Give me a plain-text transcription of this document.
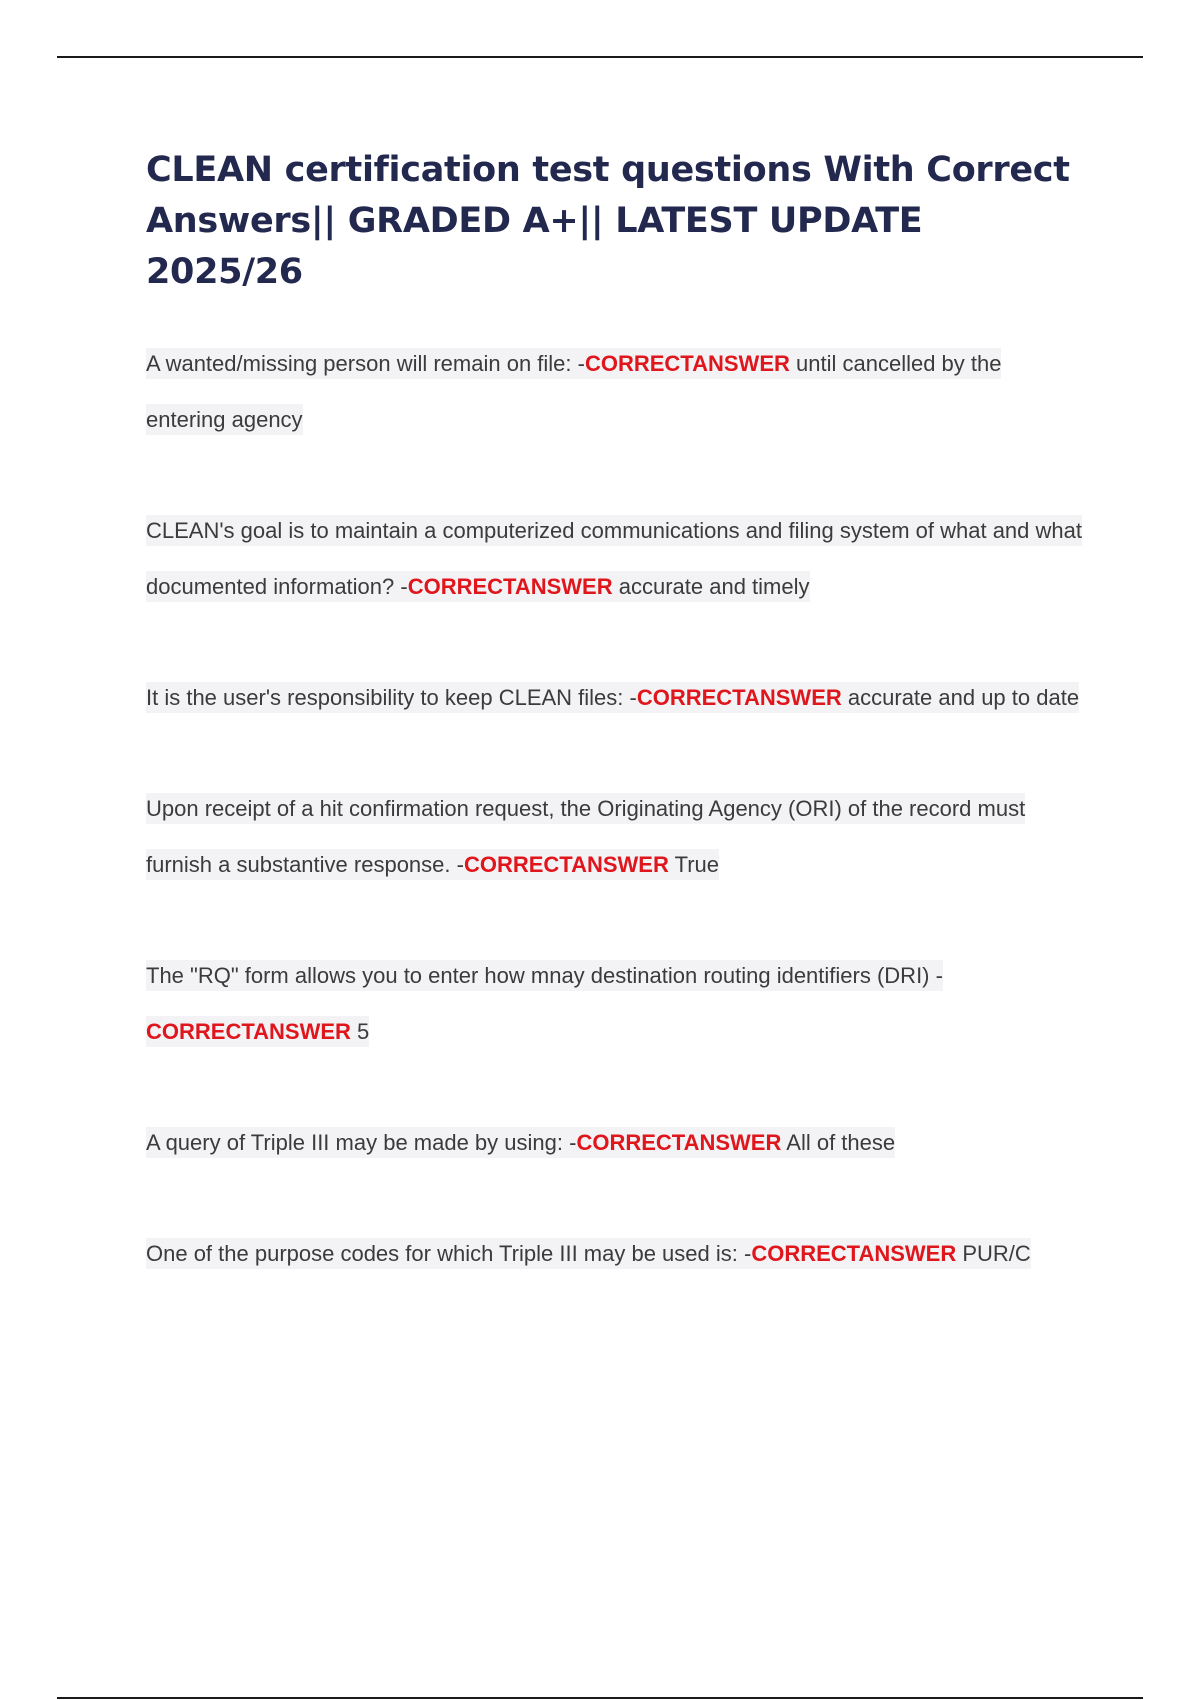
CLEAN certification test questions With Correct Answers|| GRADED A+|| LATEST UPDATE 2025/26

A wanted/missing person will remain on file: -CORRECTANSWER until cancelled by the entering agency

CLEAN's goal is to maintain a computerized communications and filing system of what and what documented information? -CORRECTANSWER accurate and timely

It is the user's responsibility to keep CLEAN files: -CORRECTANSWER accurate and up to date

Upon receipt of a hit confirmation request, the Originating Agency (ORI) of the record must furnish a substantive response. -CORRECTANSWER True

The "RQ" form allows you to enter how mnay destination routing identifiers (DRI) -CORRECTANSWER 5

A query of Triple III may be made by using: -CORRECTANSWER All of these

One of the purpose codes for which Triple III may be used is: -CORRECTANSWER PUR/C
